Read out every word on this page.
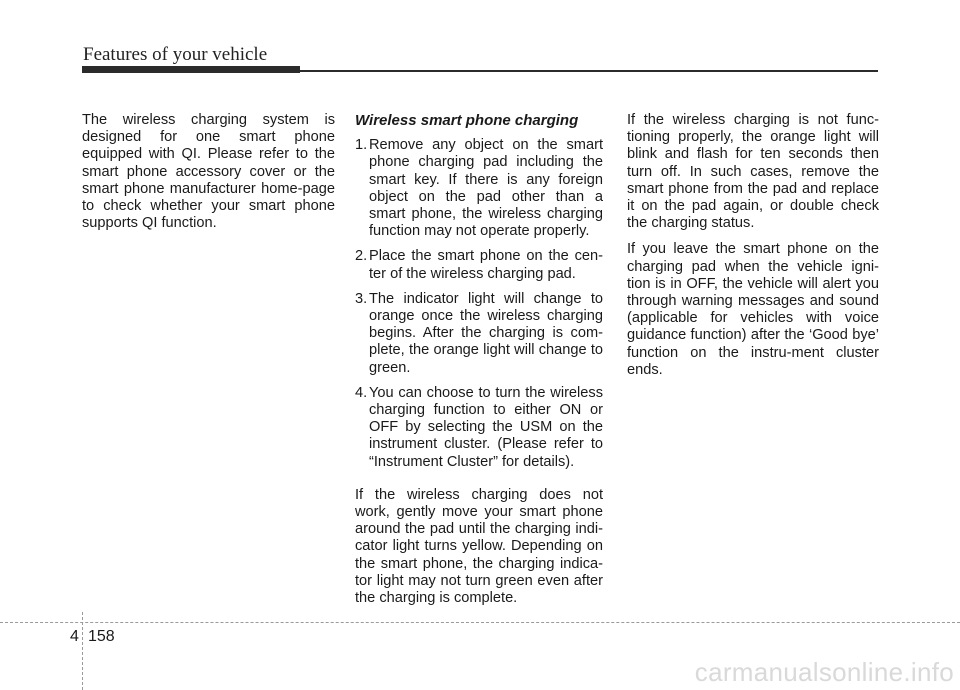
Features of your vehicle

The wireless charging system is designed for one smart phone equipped with QI. Please refer to the smart phone accessory cover or the smart phone manufacturer home-page to check whether your smart phone supports QI function.

Wireless smart phone charging
1. Remove any object on the smart phone charging pad including the smart key. If there is any foreign object on the pad other than a smart phone, the wireless charging function may not operate properly.
2. Place the smart phone on the cen-ter of the wireless charging pad.
3. The indicator light will change to orange once the wireless charging begins. After the charging is com-plete, the orange light will change to green.
4. You can choose to turn the wireless charging function to either ON or OFF by selecting the USM on the instrument cluster. (Please refer to “Instrument Cluster” for details).

If the wireless charging does not work, gently move your smart phone around the pad until the charging indi-cator light turns yellow. Depending on the smart phone, the charging indica-tor light may not turn green even after the charging is complete.

If the wireless charging is not func-tioning properly, the orange light will blink and flash for ten seconds then turn off. In such cases, remove the smart phone from the pad and replace it on the pad again, or double check the charging status.

If you leave the smart phone on the charging pad when the vehicle igni-tion is in OFF, the vehicle will alert you through warning messages and sound (applicable for vehicles with voice guidance function) after the ‘Good bye’ function on the instru-ment cluster ends.

4 158
carmanualsonline.info
